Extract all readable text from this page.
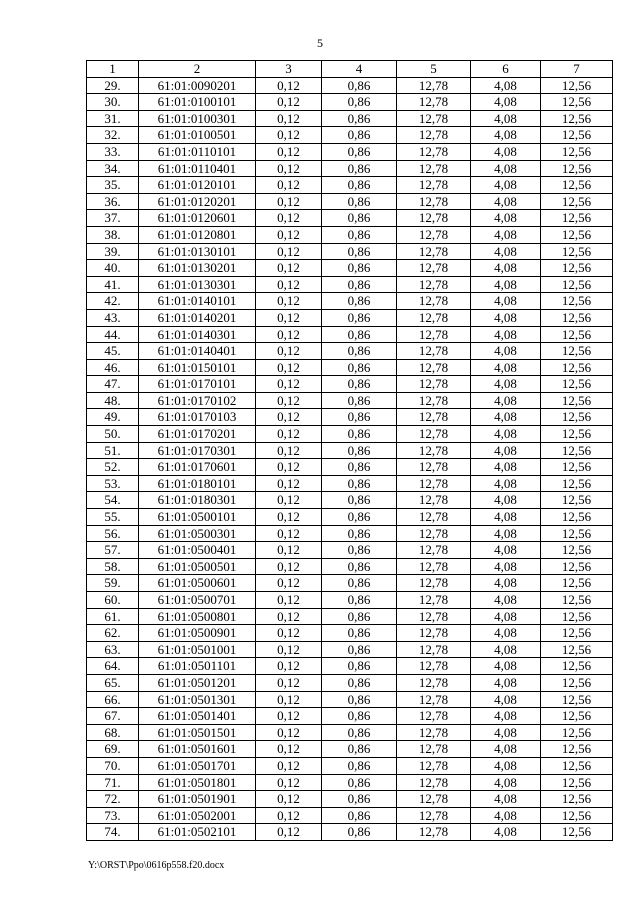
5
1	2	3	4	5	6	7
29.	61:01:0090201	0,12	0,86	12,78	4,08	12,56
30.	61:01:0100101	0,12	0,86	12,78	4,08	12,56
31.	61:01:0100301	0,12	0,86	12,78	4,08	12,56
32.	61:01:0100501	0,12	0,86	12,78	4,08	12,56
33.	61:01:0110101	0,12	0,86	12,78	4,08	12,56
34.	61:01:0110401	0,12	0,86	12,78	4,08	12,56
35.	61:01:0120101	0,12	0,86	12,78	4,08	12,56
36.	61:01:0120201	0,12	0,86	12,78	4,08	12,56
37.	61:01:0120601	0,12	0,86	12,78	4,08	12,56
38.	61:01:0120801	0,12	0,86	12,78	4,08	12,56
39.	61:01:0130101	0,12	0,86	12,78	4,08	12,56
40.	61:01:0130201	0,12	0,86	12,78	4,08	12,56
41.	61:01:0130301	0,12	0,86	12,78	4,08	12,56
42.	61:01:0140101	0,12	0,86	12,78	4,08	12,56
43.	61:01:0140201	0,12	0,86	12,78	4,08	12,56
44.	61:01:0140301	0,12	0,86	12,78	4,08	12,56
45.	61:01:0140401	0,12	0,86	12,78	4,08	12,56
46.	61:01:0150101	0,12	0,86	12,78	4,08	12,56
47.	61:01:0170101	0,12	0,86	12,78	4,08	12,56
48.	61:01:0170102	0,12	0,86	12,78	4,08	12,56
49.	61:01:0170103	0,12	0,86	12,78	4,08	12,56
50.	61:01:0170201	0,12	0,86	12,78	4,08	12,56
51.	61:01:0170301	0,12	0,86	12,78	4,08	12,56
52.	61:01:0170601	0,12	0,86	12,78	4,08	12,56
53.	61:01:0180101	0,12	0,86	12,78	4,08	12,56
54.	61:01:0180301	0,12	0,86	12,78	4,08	12,56
55.	61:01:0500101	0,12	0,86	12,78	4,08	12,56
56.	61:01:0500301	0,12	0,86	12,78	4,08	12,56
57.	61:01:0500401	0,12	0,86	12,78	4,08	12,56
58.	61:01:0500501	0,12	0,86	12,78	4,08	12,56
59.	61:01:0500601	0,12	0,86	12,78	4,08	12,56
60.	61:01:0500701	0,12	0,86	12,78	4,08	12,56
61.	61:01:0500801	0,12	0,86	12,78	4,08	12,56
62.	61:01:0500901	0,12	0,86	12,78	4,08	12,56
63.	61:01:0501001	0,12	0,86	12,78	4,08	12,56
64.	61:01:0501101	0,12	0,86	12,78	4,08	12,56
65.	61:01:0501201	0,12	0,86	12,78	4,08	12,56
66.	61:01:0501301	0,12	0,86	12,78	4,08	12,56
67.	61:01:0501401	0,12	0,86	12,78	4,08	12,56
68.	61:01:0501501	0,12	0,86	12,78	4,08	12,56
69.	61:01:0501601	0,12	0,86	12,78	4,08	12,56
70.	61:01:0501701	0,12	0,86	12,78	4,08	12,56
71.	61:01:0501801	0,12	0,86	12,78	4,08	12,56
72.	61:01:0501901	0,12	0,86	12,78	4,08	12,56
73.	61:01:0502001	0,12	0,86	12,78	4,08	12,56
74.	61:01:0502101	0,12	0,86	12,78	4,08	12,56
Y:\ORST\Ppo\0616p558.f20.docx
